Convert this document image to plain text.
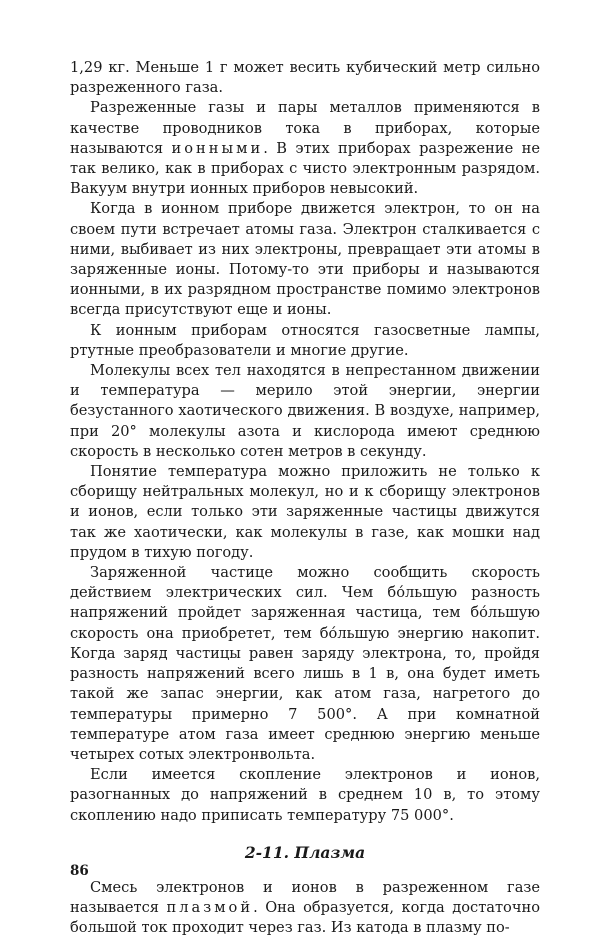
1,29 кг. Меньше 1 г может весить кубический метр сильно разреженного газа.

Разреженные газы и пары металлов применяются в качестве проводников тока в приборах, которые называются ионными. В этих приборах разрежение не так велико, как в приборах с чисто электронным разрядом. Вакуум внутри ионных приборов невысокий.

Когда в ионном приборе движется электрон, то он на своем пути встречает атомы газа. Электрон сталкивается с ними, выбивает из них электроны, превращает эти атомы в заряженные ионы. Потому-то эти приборы и называются ионными, в их разрядном пространстве помимо электронов всегда присутствуют еще и ионы.

К ионным приборам относятся газосветные лампы, ртутные преобразователи и многие другие.

Молекулы всех тел находятся в непрестанном движении и температура — мерило этой энергии, энергии безустанного хаотического движения. В воздухе, например, при 20° молекулы азота и кислорода имеют среднюю скорость в несколько сотен метров в секунду.

Понятие температура можно приложить не только к сборищу нейтральных молекул, но и к сборищу электронов и ионов, если только эти заряженные частицы движутся так же хаотически, как молекулы в газе, как мошки над прудом в тихую погоду.

Заряженной частице можно сообщить скорость действием электрических сил. Чем бо́льшую разность напряжений пройдет заряженная частица, тем бо́льшую скорость она приобретет, тем бо́льшую энергию накопит. Когда заряд частицы равен заряду электрона, то, пройдя разность напряжений всего лишь в 1 в, она будет иметь такой же запас энергии, как атом газа, нагретого до температуры примерно 7 500°. А при комнатной температуре атом газа имеет среднюю энергию меньше четырех сотых электронвольта.

Если имеется скопление электронов и ионов, разогнанных до напряжений в среднем 10 в, то этому скоплению надо приписать температуру 75 000°.

2-11. Плазма

Смесь электронов и ионов в разреженном газе называется плазмой. Она образуется, когда достаточно большой ток проходит через газ. Из катода в плазму по-

86
